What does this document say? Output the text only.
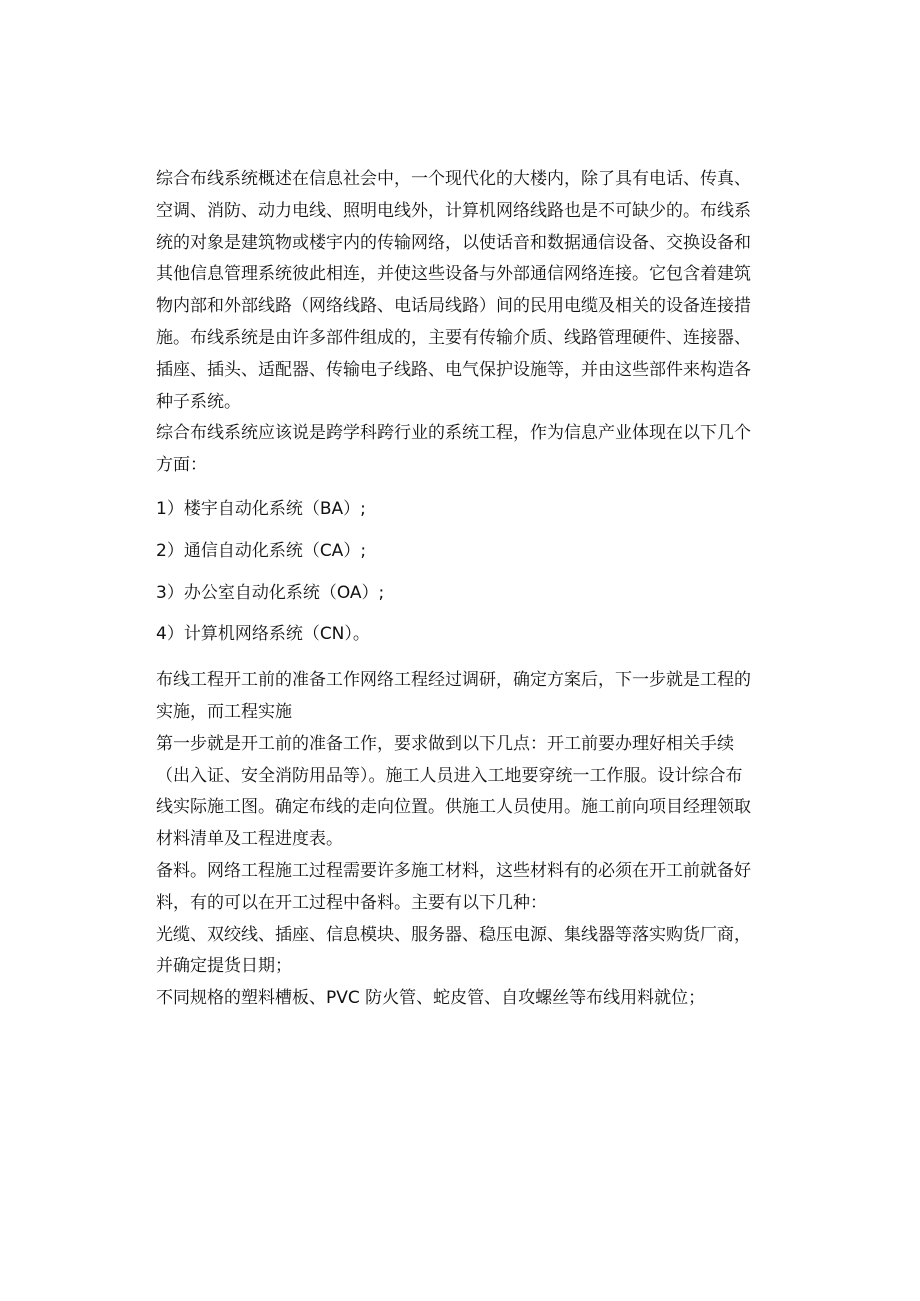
综合布线系统概述在信息社会中，一个现代化的大楼内，除了具有电话、传真、空调、消防、动力电线、照明电线外，计算机网络线路也是不可缺少的。布线系统的对象是建筑物或楼宇内的传输网络，以使话音和数据通信设备、交换设备和其他信息管理系统彼此相连，并使这些设备与外部通信网络连接。它包含着建筑物内部和外部线路（网络线路、电话局线路）间的民用电缆及相关的设备连接措施。布线系统是由许多部件组成的，主要有传输介质、线路管理硬件、连接器、插座、插头、适配器、传输电子线路、电气保护设施等，并由这些部件来构造各种子系统。

综合布线系统应该说是跨学科跨行业的系统工程，作为信息产业体现在以下几个方面：

1）楼宇自动化系统（BA）;

2）通信自动化系统（CA）;

3）办公室自动化系统（OA）;

4）计算机网络系统（CN）。

布线工程开工前的准备工作网络工程经过调研，确定方案后，下一步就是工程的实施，而工程实施

第一步就是开工前的准备工作，要求做到以下几点：开工前要办理好相关手续（出入证、安全消防用品等）。施工人员进入工地要穿统一工作服。设计综合布线实际施工图。确定布线的走向位置。供施工人员使用。施工前向项目经理领取材料清单及工程进度表。

备料。网络工程施工过程需要许多施工材料，这些材料有的必须在开工前就备好料，有的可以在开工过程中备料。主要有以下几种：

光缆、双绞线、插座、信息模块、服务器、稳压电源、集线器等落实购货厂商，并确定提货日期；

不同规格的塑料槽板、PVC 防火管、蛇皮管、自攻螺丝等布线用料就位；
